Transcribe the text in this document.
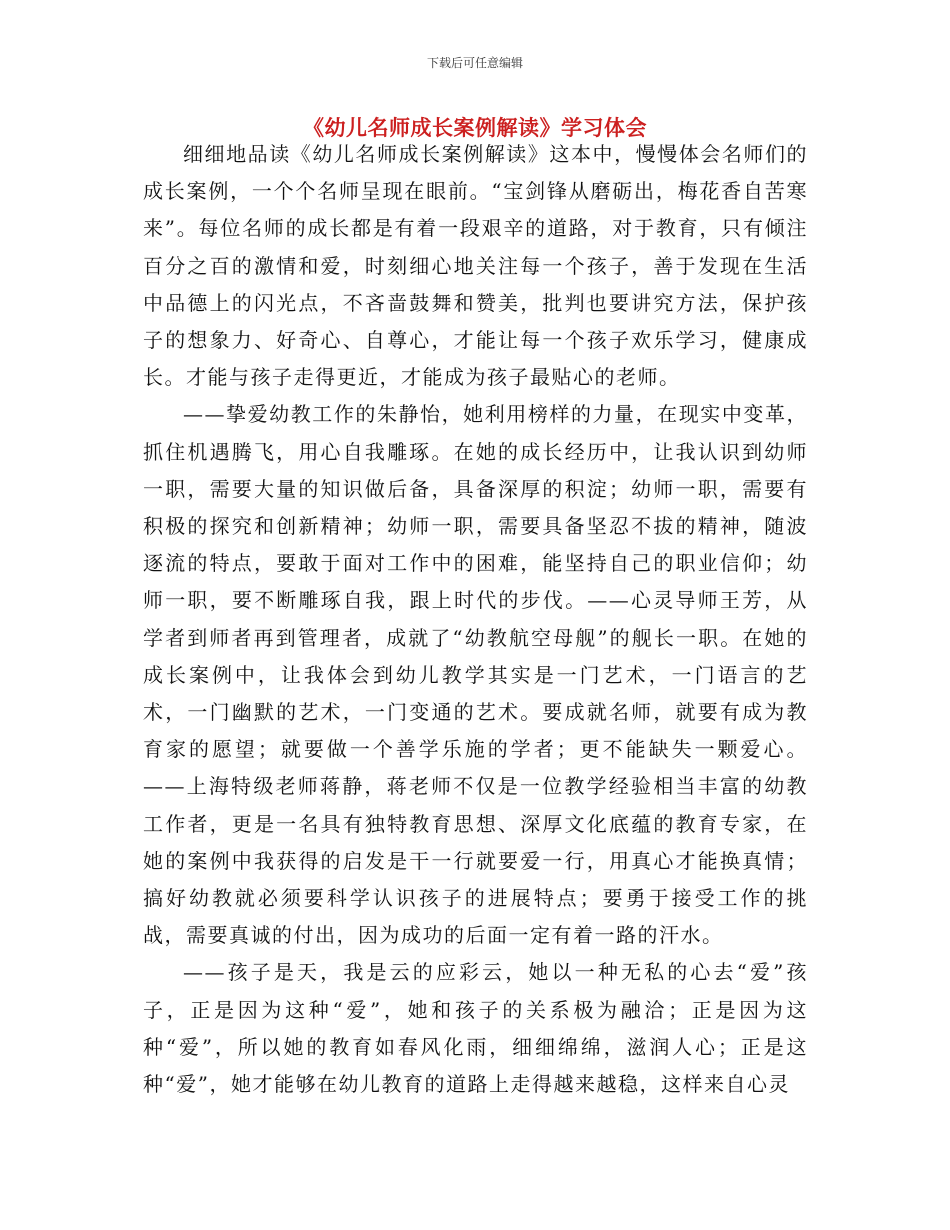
下载后可任意编辑
《幼儿名师成长案例解读》学习体会

细细地品读《幼儿名师成长案例解读》这本中，慢慢体会名师们的成长案例，一个个名师呈现在眼前。“宝剑锋从磨砺出，梅花香自苦寒来”。每位名师的成长都是有着一段艰辛的道路，对于教育，只有倾注百分之百的激情和爱，时刻细心地关注每一个孩子，善于发现在生活中品德上的闪光点，不吝啬鼓舞和赞美，批判也要讲究方法，保护孩子的想象力、好奇心、自尊心，才能让每一个孩子欢乐学习，健康成长。才能与孩子走得更近，才能成为孩子最贴心的老师。

——挚爱幼教工作的朱静怡，她利用榜样的力量，在现实中变革，抓住机遇腾飞，用心自我雕琢。在她的成长经历中，让我认识到幼师一职，需要大量的知识做后备，具备深厚的积淀；幼师一职，需要有积极的探究和创新精神；幼师一职，需要具备坚忍不拔的精神，随波逐流的特点，要敢于面对工作中的困难，能坚持自己的职业信仰；幼师一职，要不断雕琢自我，跟上时代的步伐。——心灵导师王芳，从学者到师者再到管理者，成就了“幼教航空母舰”的舰长一职。在她的成长案例中，让我体会到幼儿教学其实是一门艺术，一门语言的艺术，一门幽默的艺术，一门变通的艺术。要成就名师，就要有成为教育家的愿望；就要做一个善学乐施的学者；更不能缺失一颗爱心。——上海特级老师蒋静，蒋老师不仅是一位教学经验相当丰富的幼教工作者，更是一名具有独特教育思想、深厚文化底蕴的教育专家，在她的案例中我获得的启发是干一行就要爱一行，用真心才能换真情；搞好幼教就必须要科学认识孩子的进展特点；要勇于接受工作的挑战，需要真诚的付出，因为成功的后面一定有着一路的汗水。

——孩子是天，我是云的应彩云，她以一种无私的心去“爱”孩子，正是因为这种“爱”，她和孩子的关系极为融洽；正是因为这种“爱”，所以她的教育如春风化雨，细细绵绵，滋润人心；正是这种“爱”，她才能够在幼儿教育的道路上走得越来越稳，这样来自心灵
